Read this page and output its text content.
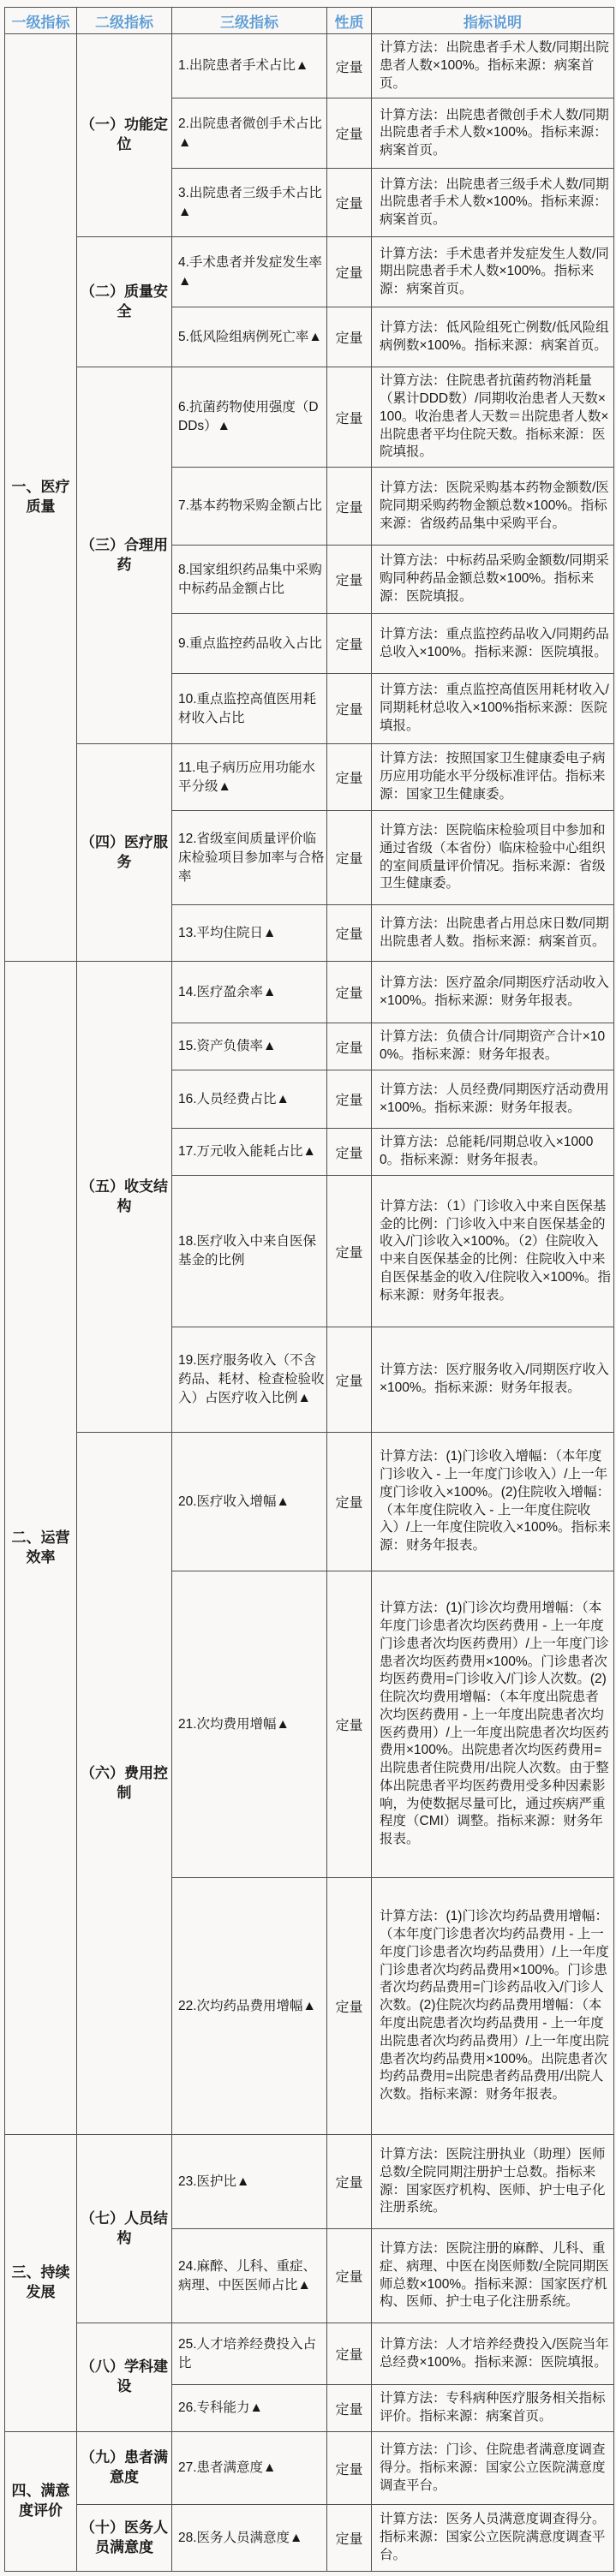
一级指标	二级指标	三级指标	性质	指标说明
一、医疗质量	（一）功能定位	1.出院患者手术占比▲	定量	计算方法：出院患者手术人数/同期出院患者人数×100%。指标来源：病案首页。
		2.出院患者微创手术占比▲	定量	计算方法：出院患者微创手术人数/同期出院患者手术人数×100%。指标来源：病案首页。
		3.出院患者三级手术占比▲	定量	计算方法：出院患者三级手术人数/同期出院患者手术人数×100%。指标来源：病案首页。
	（二）质量安全	4.手术患者并发症发生率▲	定量	计算方法：手术患者并发症发生人数/同期出院患者手术人数×100%。指标来源：病案首页。
		5.低风险组病例死亡率▲	定量	计算方法：低风险组死亡例数/低风险组病例数×100%。指标来源：病案首页。
	（三）合理用药	6.抗菌药物使用强度（DDDs）▲	定量	计算方法：住院患者抗菌药物消耗量（累计DDD数）/同期收治患者人天数×100。收治患者人天数＝出院患者人数×出院患者平均住院天数。指标来源：医院填报。
		7.基本药物采购金额占比	定量	计算方法：医院采购基本药物金额数/医院同期采购药物金额总数×100%。指标来源：省级药品集中采购平台。
		8.国家组织药品集中采购中标药品金额占比	定量	计算方法：中标药品采购金额数/同期采购同种药品金额总数×100%。指标来源：医院填报。
		9.重点监控药品收入占比	定量	计算方法：重点监控药品收入/同期药品总收入×100%。指标来源：医院填报。
		10.重点监控高值医用耗材收入占比	定量	计算方法：重点监控高值医用耗材收入/同期耗材总收入×100%指标来源：医院填报。
	（四）医疗服务	11.电子病历应用功能水平分级▲	定量	计算方法：按照国家卫生健康委电子病历应用功能水平分级标准评估。指标来源：国家卫生健康委。
		12.省级室间质量评价临床检验项目参加率与合格率	定量	计算方法：医院临床检验项目中参加和通过省级（本省份）临床检验中心组织的室间质量评价情况。指标来源：省级卫生健康委。
		13.平均住院日▲	定量	计算方法：出院患者占用总床日数/同期出院患者人数。指标来源：病案首页。
二、运营效率	（五）收支结构	14.医疗盈余率▲	定量	计算方法：医疗盈余/同期医疗活动收入×100%。指标来源：财务年报表。
		15.资产负债率▲	定量	计算方法：负债合计/同期资产合计×100%。指标来源：财务年报表。
		16.人员经费占比▲	定量	计算方法：人员经费/同期医疗活动费用×100%。指标来源：财务年报表。
		17.万元收入能耗占比▲	定量	计算方法：总能耗/同期总收入×10000。指标来源：财务年报表。
		18.医疗收入中来自医保基金的比例	定量	计算方法：（1）门诊收入中来自医保基金的比例：门诊收入中来自医保基金的收入/门诊收入×100%。（2）住院收入中来自医保基金的比例：住院收入中来自医保基金的收入/住院收入×100%。指标来源：财务年报表。
		19.医疗服务收入（不含药品、耗材、检查检验收入）占医疗收入比例▲	定量	计算方法：医疗服务收入/同期医疗收入×100%。指标来源：财务年报表。
	（六）费用控制	20.医疗收入增幅▲	定量	计算方法：(1)门诊收入增幅：（本年度门诊收入 - 上一年度门诊收入）/上一年度门诊收入×100%。(2)住院收入增幅：（本年度住院收入 - 上一年度住院收入）/上一年度住院收入×100%。指标来源：财务年报表。
		21.次均费用增幅▲	定量	计算方法：(1)门诊次均费用增幅：（本年度门诊患者次均医药费用 - 上一年度门诊患者次均医药费用）/上一年度门诊患者次均医药费用×100%。门诊患者次均医药费用=门诊收入/门诊人次数。(2)住院次均费用增幅：（本年度出院患者次均医药费用 - 上一年度出院患者次均医药费用）/上一年度出院患者次均医药费用×100%。出院患者次均医药费用=出院患者住院费用/出院人次数。由于整体出院患者平均医药费用受多种因素影响，为使数据尽量可比，通过疾病严重程度（CMI）调整。指标来源：财务年报表。
		22.次均药品费用增幅▲	定量	计算方法：(1)门诊次均药品费用增幅：（本年度门诊患者次均药品费用 - 上一年度门诊患者次均药品费用）/上一年度门诊患者次均药品费用×100%。门诊患者次均药品费用=门诊药品收入/门诊人次数。(2)住院次均药品费用增幅：（本年度出院患者次均药品费用 - 上一年度出院患者次均药品费用）/上一年度出院患者次均药品费用×100%。出院患者次均药品费用=出院患者药品费用/出院人次数。指标来源：财务年报表。
三、持续发展	（七）人员结构	23.医护比▲	定量	计算方法：医院注册执业（助理）医师总数/全院同期注册护士总数。指标来源：国家医疗机构、医师、护士电子化注册系统。
		24.麻醉、儿科、重症、病理、中医医师占比▲	定量	计算方法：医院注册的麻醉、儿科、重症、病理、中医在岗医师数/全院同期医师总数×100%。指标来源：国家医疗机构、医师、护士电子化注册系统。
	（八）学科建设	25.人才培养经费投入占比	定量	计算方法：人才培养经费投入/医院当年总经费×100%。指标来源：医院填报。
		26.专科能力▲	定量	计算方法：专科病种医疗服务相关指标评价。指标来源：病案首页。
四、满意度评价	（九）患者满意度	27.患者满意度▲	定量	计算方法：门诊、住院患者满意度调查得分。指标来源：国家公立医院满意度调查平台。
	（十）医务人员满意度	28.医务人员满意度▲	定量	计算方法：医务人员满意度调查得分。指标来源：国家公立医院满意度调查平台。
